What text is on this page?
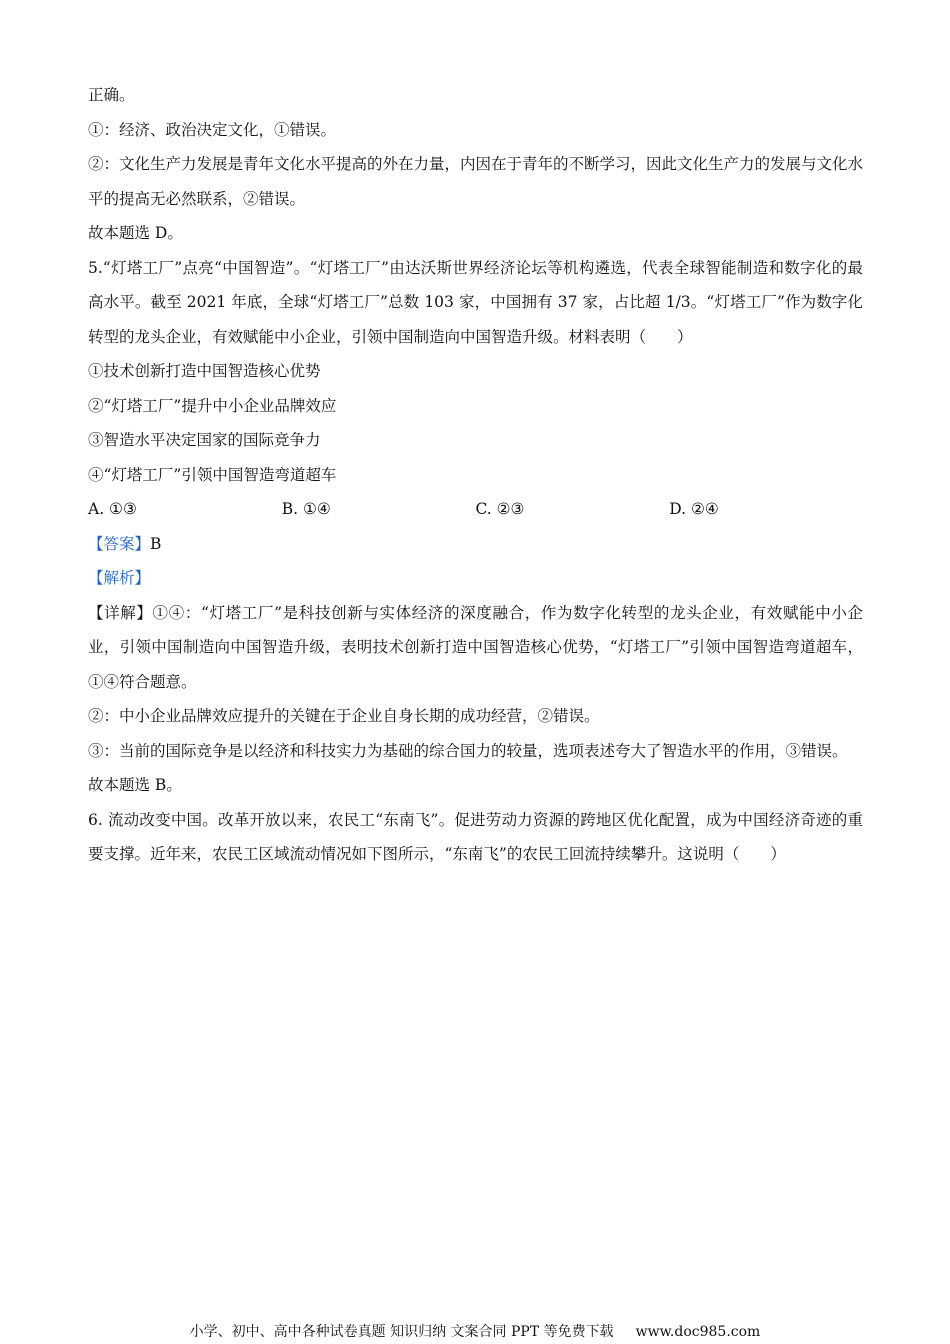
正确。
①：经济、政治决定文化，①错误。
②：文化生产力发展是青年文化水平提高的外在力量，内因在于青年的不断学习，因此文化生产力的发展与文化水平的提高无必然联系，②错误。
故本题选 D。
5.“灯塔工厂”点亮“中国智造”。“灯塔工厂”由达沃斯世界经济论坛等机构遴选，代表全球智能制造和数字化的最高水平。截至 2021 年底，全球“灯塔工厂”总数 103 家，中国拥有 37 家，占比超 1/3。“灯塔工厂”作为数字化转型的龙头企业，有效赋能中小企业，引领中国制造向中国智造升级。材料表明（　　）
①技术创新打造中国智造核心优势
②“灯塔工厂”提升中小企业品牌效应
③智造水平决定国家的国际竞争力
④“灯塔工厂”引领中国智造弯道超车
A. ①③	B. ①④	C. ②③	D. ②④
【答案】B
【解析】
【详解】①④：“灯塔工厂”是科技创新与实体经济的深度融合，作为数字化转型的龙头企业，有效赋能中小企业，引领中国制造向中国智造升级，表明技术创新打造中国智造核心优势，“灯塔工厂”引领中国智造弯道超车，①④符合题意。
②：中小企业品牌效应提升的关键在于企业自身长期的成功经营，②错误。
③：当前的国际竞争是以经济和科技实力为基础的综合国力的较量，选项表述夸大了智造水平的作用，③错误。
故本题选 B。
6. 流动改变中国。改革开放以来，农民工“东南飞”。促进劳动力资源的跨地区优化配置，成为中国经济奇迹的重要支撑。近年来，农民工区域流动情况如下图所示，“东南飞”的农民工回流持续攀升。这说明（　　）
小学、初中、高中各种试卷真题 知识归纳 文案合同 PPT 等免费下载 www.doc985.com
